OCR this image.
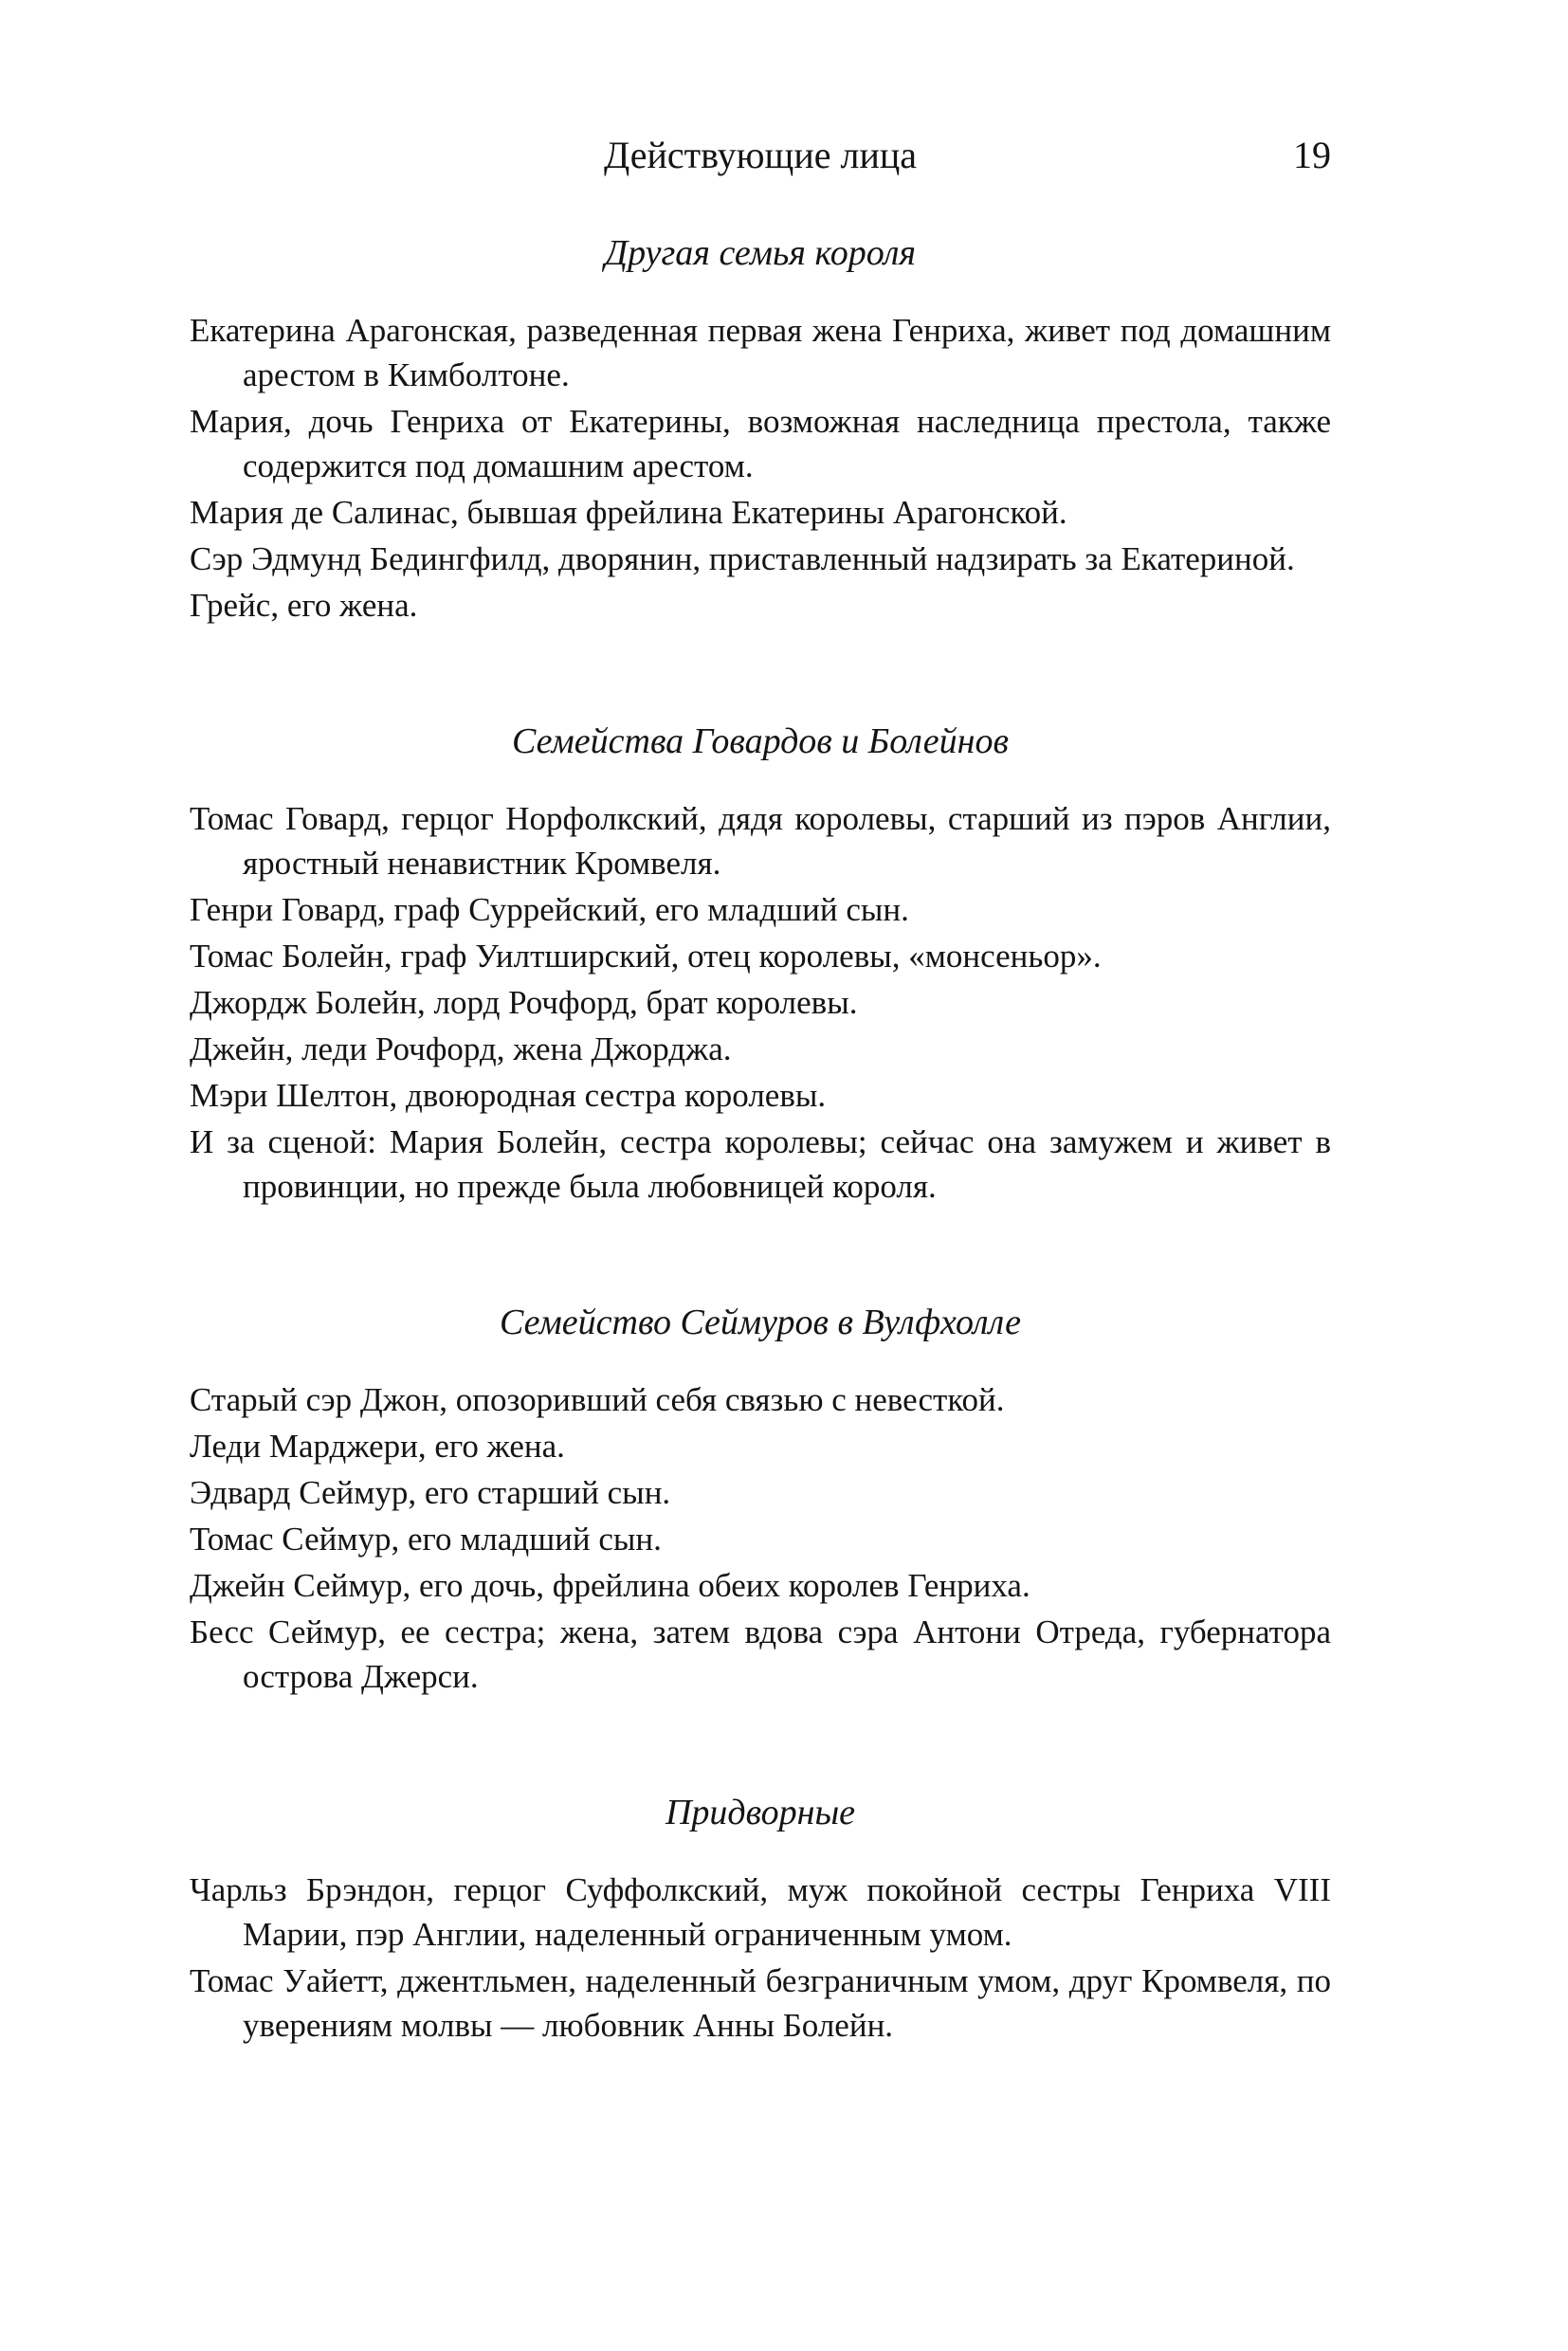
Действующие лица	19
Другая семья короля
Екатерина Арагонская, разведенная первая жена Генриха, живет под домашним арестом в Кимболтоне.
Мария, дочь Генриха от Екатерины, возможная наследница престола, также содержится под домашним арестом.
Мария де Салинас, бывшая фрейлина Екатерины Арагонской.
Сэр Эдмунд Бедингфилд, дворянин, приставленный надзирать за Екатериной.
Грейс, его жена.
Семейства Говардов и Болейнов
Томас Говард, герцог Норфолкский, дядя королевы, старший из пэров Англии, яростный ненавистник Кромвеля.
Генри Говард, граф Суррейский, его младший сын.
Томас Болейн, граф Уилтширский, отец королевы, «монсеньор».
Джордж Болейн, лорд Рочфорд, брат королевы.
Джейн, леди Рочфорд, жена Джорджа.
Мэри Шелтон, двоюродная сестра королевы.
И за сценой: Мария Болейн, сестра королевы; сейчас она замужем и живет в провинции, но прежде была любовницей короля.
Семейство Сеймуров в Вулфхолле
Старый сэр Джон, опозоривший себя связью с невесткой.
Леди Марджери, его жена.
Эдвард Сеймур, его старший сын.
Томас Сеймур, его младший сын.
Джейн Сеймур, его дочь, фрейлина обеих королев Генриха.
Бесс Сеймур, ее сестра; жена, затем вдова сэра Антони Отреда, губернатора острова Джерси.
Придворные
Чарльз Брэндон, герцог Суффолкский, муж покойной сестры Генриха VIII Марии, пэр Англии, наделенный ограниченным умом.
Томас Уайетт, джентльмен, наделенный безграничным умом, друг Кромвеля, по уверениям молвы — любовник Анны Болейн.
